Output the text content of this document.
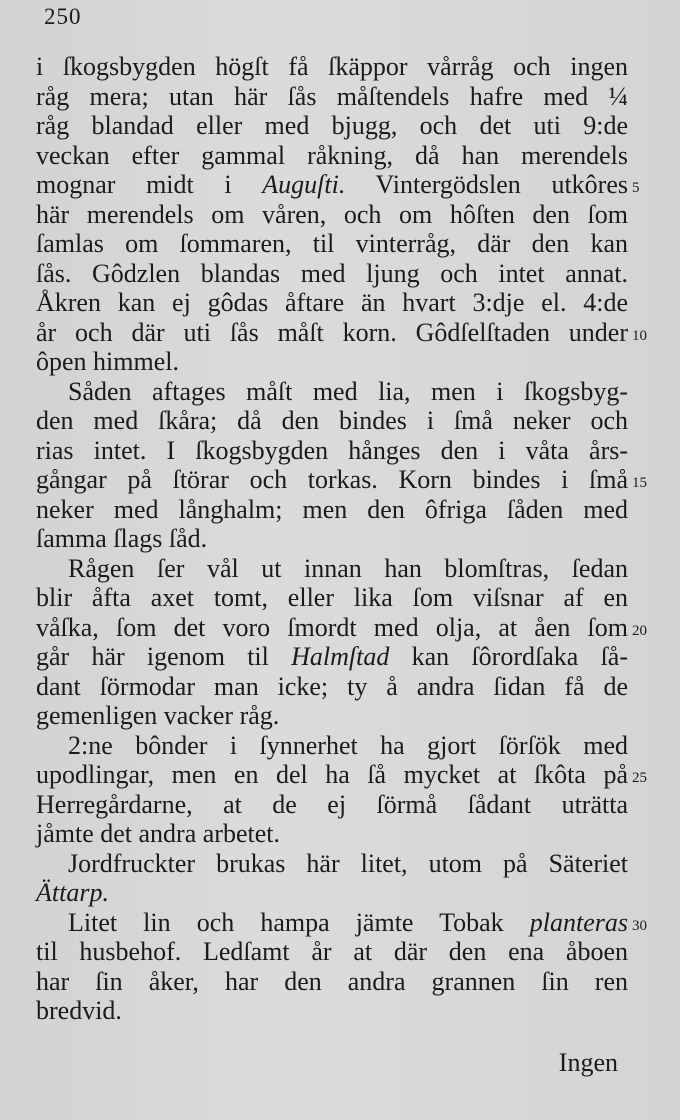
250
i ſkogsbygden högſt få ſkäppor vårråg och ingen
råg mera; utan här ſås måſtendels hafre med ¼
råg blandad eller med bjugg, och det uti 9:de
veckan efter gammal råkning, då han merendels
mognar midt i Auguſti. Vintergödslen utkôres 5
här merendels om våren, och om hôſten den ſom
ſamlas om ſommaren, til vinterråg, där den kan
ſås. Gôdzlen blandas med ljung och intet annat.
Åkren kan ej gôdas åftare än hvart 3:dje el. 4:de
år och där uti ſås måſt korn. Gôdſelſtaden under 10
ôpen himmel.
Såden aftages måſt med lia, men i ſkogsbyg-
den med ſkåra; då den bindes i ſmå neker och
rias intet. I ſkogsbygden hånges den i våta års-
gångar på ſtörar och torkas. Korn bindes i ſmå 15
neker med långhalm; men den ôfriga ſåden med
ſamma ſlags ſåd.
Rågen ſer vål ut innan han blomſtras, ſedan
blir åfta axet tomt, eller lika ſom viſsnar af en
våſka, ſom det voro ſmordt med olja, at åen ſom 20
går här igenom til Halmſtad kan ſôrordſaka ſå-
dant ſörmodar man icke; ty å andra ſidan få de
gemenligen vacker råg.
2:ne bônder i ſynnerhet ha gjort ſörſök med
upodlingar, men en del ha ſå mycket at ſkôta på 25
Herregårdarne, at de ej ſörmå ſådant uträtta
jåmte det andra arbetet.
Jordfruckter brukas här litet, utom på Säteriet
Ättarp.
Litet lin och hampa jämte Tobak planteras 30
til husbehof. Ledſamt år at där den ena åboen
har ſin åker, har den andra grannen ſin ren
bredvid.
Ingen
